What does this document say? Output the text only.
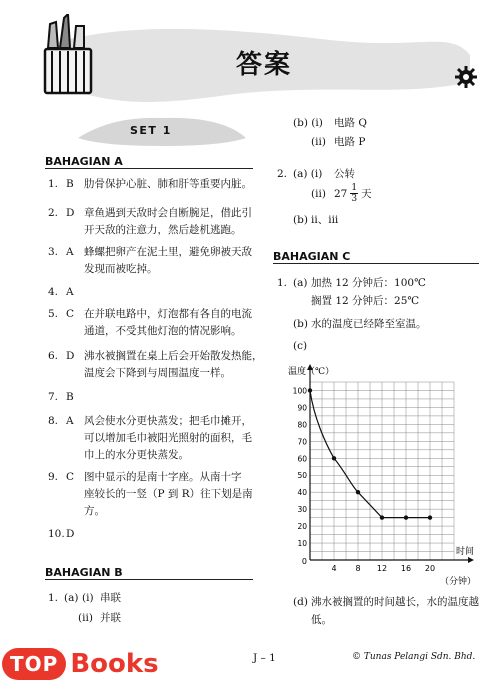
答案
SET 1
BAHAGIAN A
1. B 肋骨保护心脏、肺和肝等重要内脏。
2. D 章鱼遇到天敌时会自断腕足，借此引
开天敌的注意力，然后趁机逃跑。
3. A 蜂螺把卵产在泥土里，避免卵被天敌
发现而被吃掉。
4. A
5. C 在并联电路中，灯泡都有各自的电流
通道，不受其他灯泡的情况影响。
6. D 沸水被搁置在桌上后会开始散发热能，
温度会下降到与周围温度一样。
7. B
8. A 风会使水分更快蒸发；把毛巾摊开，
可以增加毛巾被阳光照射的面积，毛
巾上的水分更快蒸发。
9. C 图中显示的是南十字座。从南十字
座较长的一竖（P 到 R）往下划是南
方。
10. D
BAHAGIAN B
1. (a) (i) 串联
(ii) 并联
(b) (i) 电路 Q
(ii) 电路 P
2. (a) (i) 公转
(ii) $27 \frac{1}{3}$ 天
(b) ii、iii
BAHAGIAN C
1. (a) 加热 12 分钟后：100℃
搁置 12 分钟后：25℃
(b) 水的温度已经降至室温。
(c)
4 8 12 16 20
10
20
30
40
50
60
70
80
90
100
0
温度（℃）
时间
（分钟）
(d) 沸水被搁置的时间越长，水的温度越
低。
J – 1	© Tunas Pelangi Sdn. Bhd.
TOP Books
